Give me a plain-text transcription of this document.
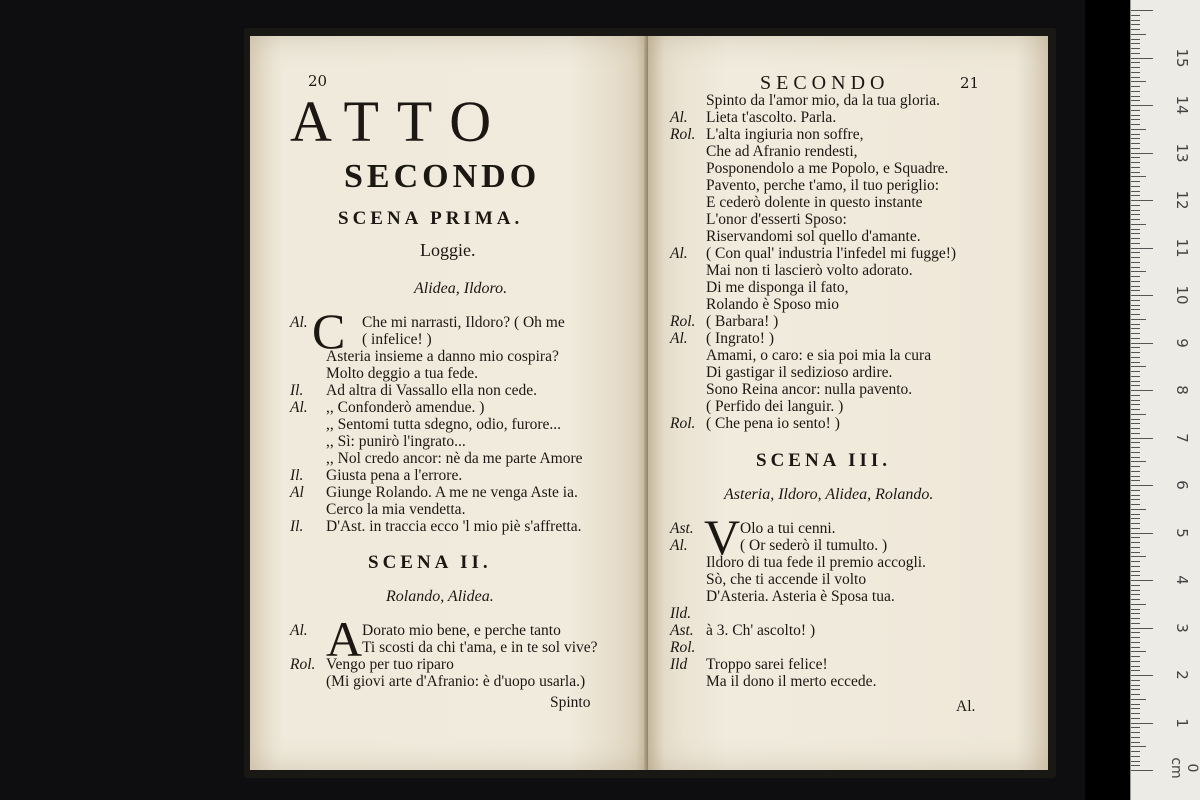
20
ATTO
SECONDO
SCENA PRIMA.
Loggie.
Alidea, Ildoro.
C
Al.	Che mi narrasti, Ildoro? ( Oh me
( infelice! )
Asteria insieme a danno mio cospira?
Molto deggio a tua fede.
Il. Ad altra di Vassallo ella non cede.
Al. ,, Confonderò amendue. )
,, Sentomi tutta sdegno, odio, furore...
,, Sì: punirò l'ingrato...
,, Nol credo ancor: nè da me parte Amore
Il. Giusta pena a l'errore.
Al Giunge Rolando. A me ne venga Aste ia.
Cerco la mia vendetta.
Il. D'Ast. in traccia ecco 'l mio piè s'affretta.
SCENA II.
Rolando, Alidea.
A
Al.	Dorato mio bene, e perche tanto
Ti scosti da chi t'ama, e in te sol vive?
Rol. Vengo per tuo riparo
(Mi giovi arte d'Afranio: è d'uopo usarla.)
Spinto
SECONDO	21
Spinto da l'amor mio, da la tua gloria.
Al. Lieta t'ascolto. Parla.
Rol. L'alta ingiuria non soffre,
Che ad Afranio rendesti,
Posponendolo a me Popolo, e Squadre.
Pavento, perche t'amo, il tuo periglio:
E cederò dolente in questo instante
L'onor d'esserti Sposo:
Riservandomi sol quello d'amante.
Al. ( Con qual' industria l'infedel mi fugge!)
Mai non ti lascierò volto adorato.
Di me disponga il fato,
Rolando è Sposo mio
Rol. ( Barbara! )
Al. ( Ingrato! )
Amami, o caro: e sia poi mia la cura
Di gastigar il sedizioso ardire.
Sono Reina ancor: nulla pavento.
( Perfido dei languir. )
Rol. ( Che pena io sento! )
SCENA III.
Asteria, Ildoro, Alidea, Rolando.
V
Ast.	Olo a tui cenni.
Al.	( Or sederò il tumulto. )
Ildoro di tua fede il premio accogli.
Sò, che ti accende il volto
D'Asteria. Asteria è Sposa tua.
Ild.
Ast. à 3. Ch' ascolto! )
Rol.
Ild Troppo sarei felice!
Ma il dono il merto eccede.
Al.
0 cm
15
14
13
12
11
10
9
8
7
6
5
4
3
2
1
